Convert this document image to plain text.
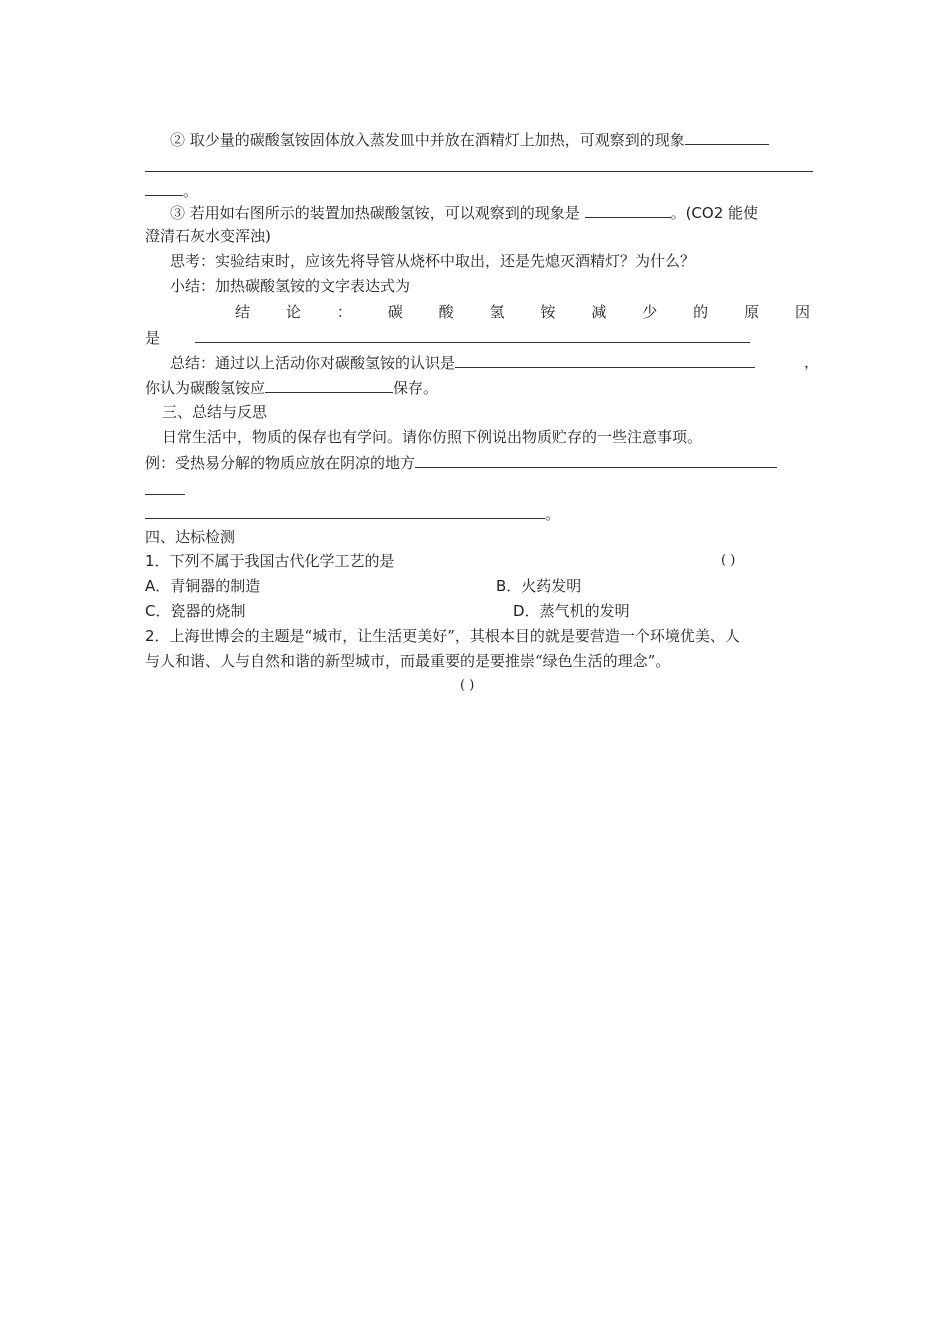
② 取少量的碳酸氢铵固体放入蒸发皿中并放在酒精灯上加热，可观察到的现象
。
③ 若用如右图所示的装置加热碳酸氢铵，可以观察到的现象是	。(CO2 能使
澄清石灰水变浑浊)
思考：实验结束时，应该先将导管从烧杯中取出，还是先熄灭酒精灯？为什么？
小结：加热碳酸氢铵的文字表达式为
结 论 ： 碳 酸 氢 铵 减 少 的 原 因
是
总结：通过以上活动你对碳酸氢铵的认识是	，
你认为碳酸氢铵应	保存。
三、总结与反思
日常生活中，物质的保存也有学问。请你仿照下例说出物质贮存的一些注意事项。
例：受热易分解的物质应放在阴凉的地方
。
四、达标检测
1．下列不属于我国古代化学工艺的是	( )
A．青铜器的制造	B．火药发明
C．瓷器的烧制	D．蒸气机的发明
2．上海世博会的主题是“城市，让生活更美好”，其根本目的就是要营造一个环境优美、人
与人和谐、人与自然和谐的新型城市，而最重要的是要推崇“绿色生活的理念”。
( )
